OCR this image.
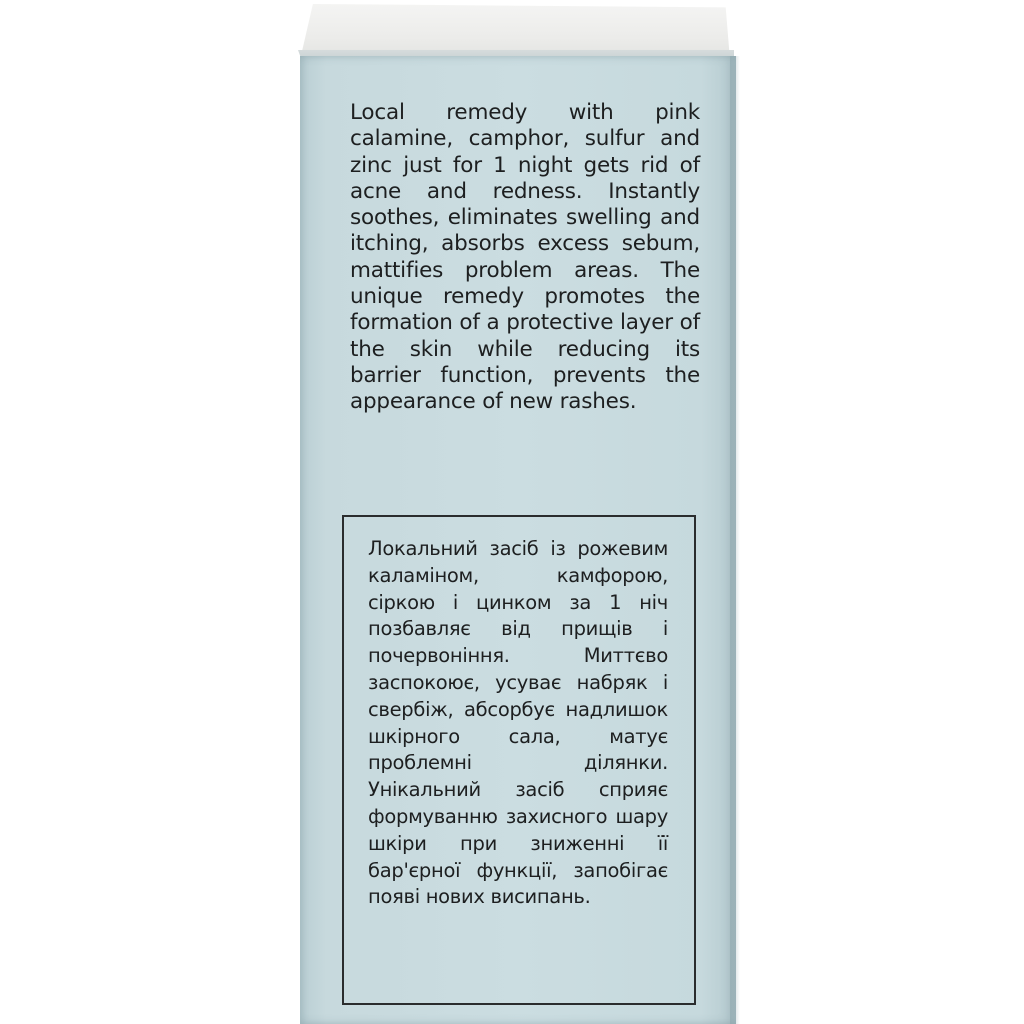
Local remedy with pink calamine, camphor, sulfur and zinc just for 1 night gets rid of acne and redness. Instantly soothes, eliminates swelling and itching, absorbs excess sebum, mattifies problem areas. The unique remedy promotes the formation of a protective layer of the skin while reducing its barrier function, prevents the appearance of new rashes.

Локальний засіб із рожевим каламіном, камфорою, сіркою і цинком за 1 ніч позбавляє від прищів і почервоніння. Миттєво заспокоює, усуває набряк і свербіж, абсорбує надлишок шкірного сала, матує проблемні ділянки. Унікальний засіб сприяє формуванню захисного шару шкіри при зниженні її бар'єрної функції, запобігає появі нових висипань.
